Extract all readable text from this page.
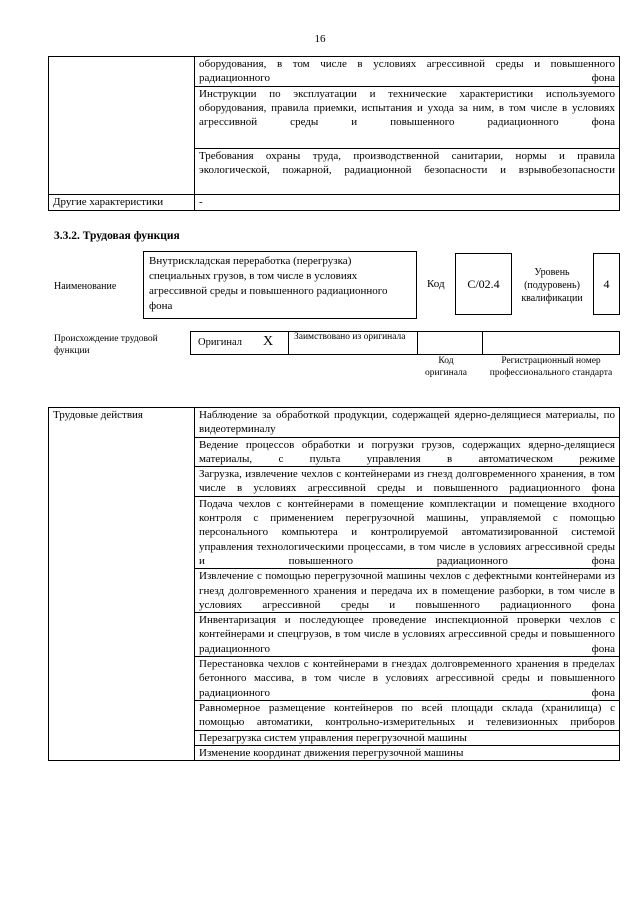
16
	оборудования, в том числе в условиях агрессивной среды и повышенного радиационного фона
	Инструкции по эксплуатации и технические характеристики используемого оборудования, правила приемки, испытания и ухода за ним, в том числе в условиях агрессивной среды и повышенного радиационного фона
	Требования охраны труда, производственной санитарии, нормы и правила экологической, пожарной, радиационной безопасности и взрывобезопасности
Другие характеристики	-
3.3.2. Трудовая функция
Наименование
Внутрискладская переработка (перегрузка) специальных грузов, в том числе в условиях агрессивной среды и повышенного радиационного фона
Код	C/02.4
Уровень (подуровень) квалификации
4
Происхождение трудовой функции
Оригинал X Заимствовано из оригинала
Код оригинала
Регистрационный номер профессионального стандарта
Трудовые действия	Наблюдение за обработкой продукции, содержащей ядерно-делящиеся материалы, по видеотерминалу
Ведение процессов обработки и погрузки грузов, содержащих ядерно-делящиеся материалы, с пульта управления в автоматическом режиме
Загрузка, извлечение чехлов с контейнерами из гнезд долговременного хранения, в том числе в условиях агрессивной среды и повышенного радиационного фона
Подача чехлов с контейнерами в помещение комплектации и помещение входного контроля с применением перегрузочной машины, управляемой с помощью персонального компьютера и контролируемой автоматизированной системой управления технологическими процессами, в том числе в условиях агрессивной среды и повышенного радиационного фона
Извлечение с помощью перегрузочной машины чехлов с дефектными контейнерами из гнезд долговременного хранения и передача их в помещение разборки, в том числе в условиях агрессивной среды и повышенного радиационного фона
Инвентаризация и последующее проведение инспекционной проверки чехлов с контейнерами и спецгрузов, в том числе в условиях агрессивной среды и повышенного радиационного фона
Перестановка чехлов с контейнерами в гнездах долговременного хранения в пределах бетонного массива, в том числе в условиях агрессивной среды и повышенного радиационного фона
Равномерное размещение контейнеров по всей площади склада (хранилища) с помощью автоматики, контрольно-измерительных и телевизионных приборов
Перезагрузка систем управления перегрузочной машины
Изменение координат движения перегрузочной машины
